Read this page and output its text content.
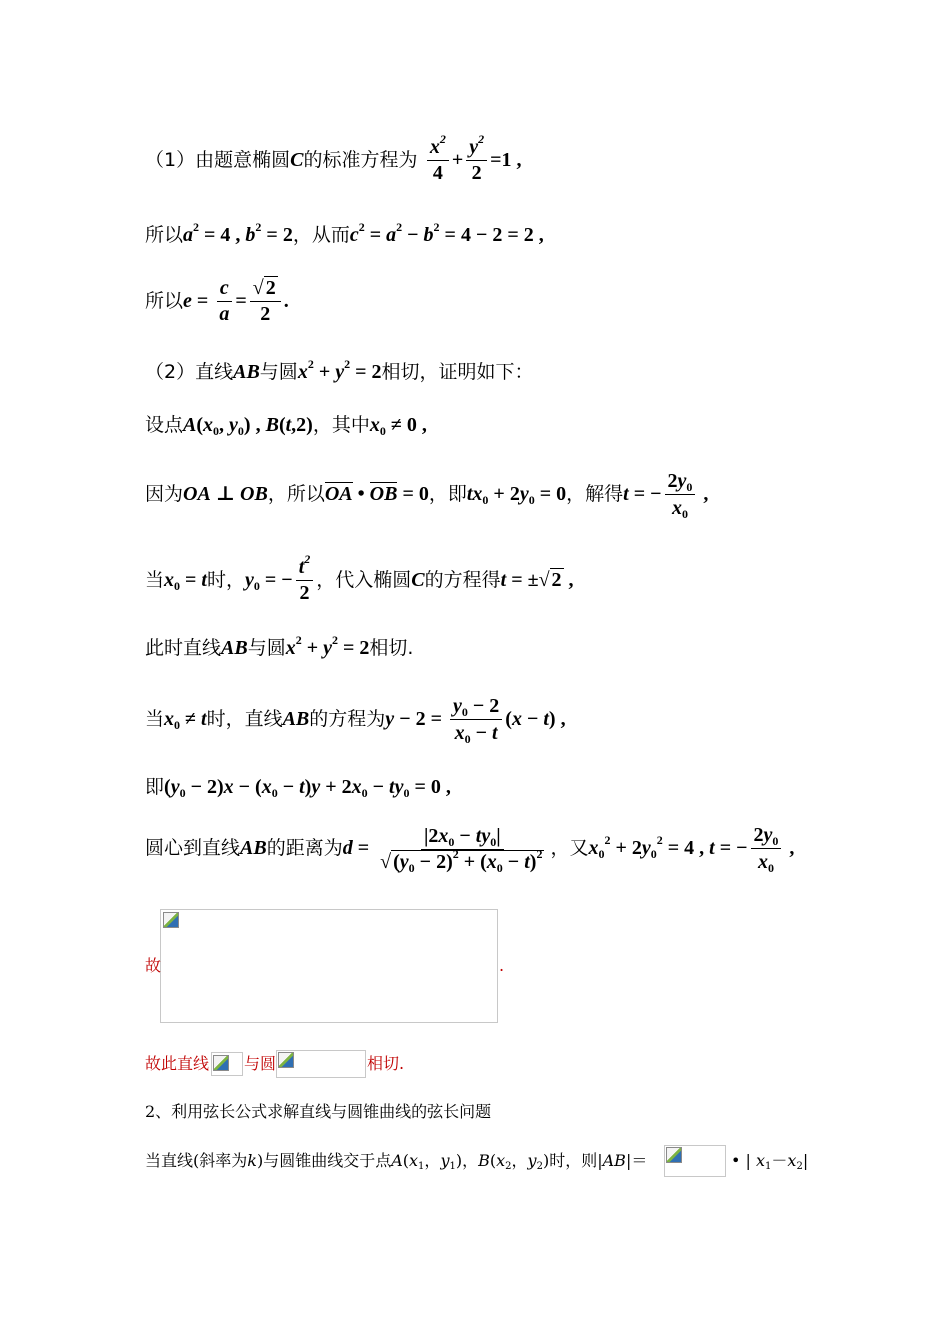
（1）由题意椭圆C的标准方程为 $\frac{x^2}{4} + \frac{y^2}{2} =1$ ,
所以$a^2 = 4$ , $b^2 = 2$，从而$c^2 = a^2 - b^2 = 4 - 2 = 2$ ,
所以$e = \frac{c}{a} = \frac{√ 2}{2}$ .
（2）直线AB与圆$x^2 + y^2 = 2$相切，证明如下：
设点$A(x_0$, $y_0$) , B(t,2)，其中$x_0 \ne 0$ ,
因为OA ⊥ OB，所以OA • OB = 0，即$tx_0 + 2y_0 = 0$，解得t = − $\frac{2y_0}{x_0}$ ,
当$x_0 = t$时，$y_0$ = − $\frac{t^2}{2}$ ，代入椭圆C的方程得t = ±√ 2 ,
此时直线AB与圆$x^2 + y^2 = 2$相切.
当$x_0 \ne t$时，直线AB的方程为$y - 2 = \frac{y_0 - 2}{x_0 - t} (x - t)$ ,
即$(y_0 - 2)x - (x_0 - t)y + 2x_0 - ty_0 = 0$ ,
圆心到直线AB的距离为$d = \frac{|2x_0 - ty_0|}{√ (y_0 - 2)^2 + (x_0 - t)^2}$ ，又$x_0^2 + 2y_0^2 = 4$ , t = − $\frac{2y_0}{x_0}$ ,
故	.
故此直线 与圆	相切.
2、利用弦长公式求解直线与圆锥曲线的弦长问题
当直线(斜率为k)与圆锥曲线交于点$A(x_1$，$y_1$)，$B(x_2$，$y_2$)时，则|AB|＝	• | $x_1-x_2|$
